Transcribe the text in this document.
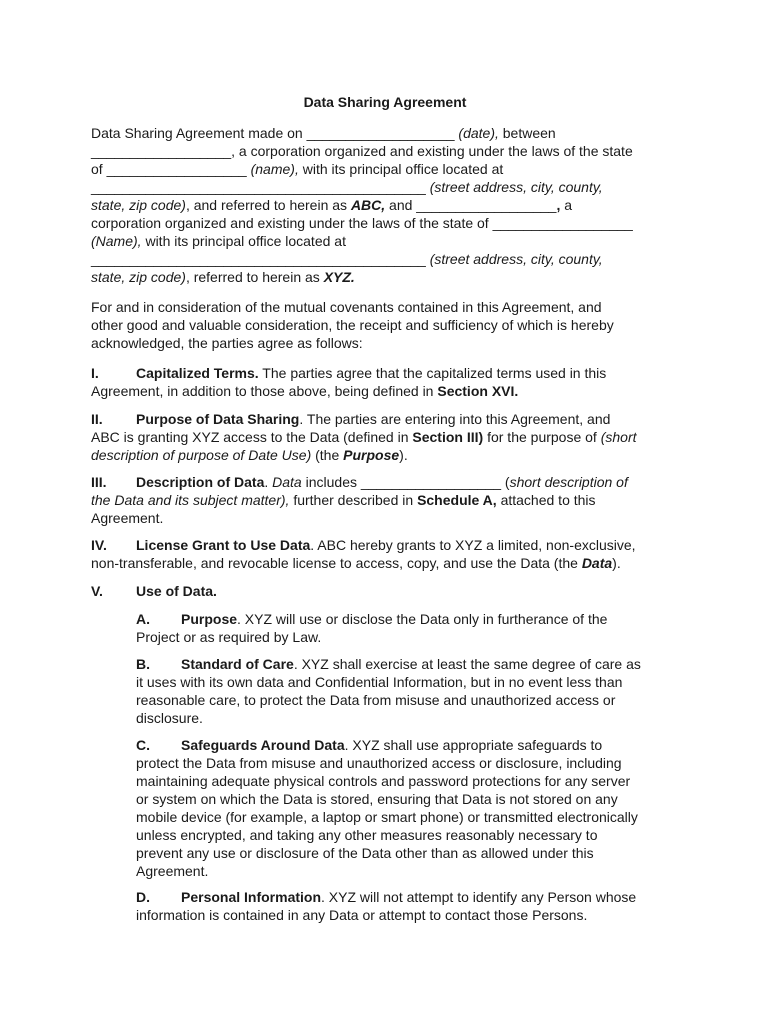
Data Sharing Agreement
Data Sharing Agreement made on ___________________ (date), between
__________________, a corporation organized and existing under the laws of the state
of __________________ (name), with its principal office located at
___________________________________________ (street address, city, county,
state, zip code), and referred to herein as ABC, and __________________, a
corporation organized and existing under the laws of the state of __________________
(Name), with its principal office located at
___________________________________________ (street address, city, county,
state, zip code), referred to herein as XYZ.
For and in consideration of the mutual covenants contained in this Agreement, and
other good and valuable consideration, the receipt and sufficiency of which is hereby
acknowledged, the parties agree as follows:
I.	Capitalized Terms. The parties agree that the capitalized terms used in this
Agreement, in addition to those above, being defined in Section XVI.
II. Purpose of Data Sharing. The parties are entering into this Agreement, and
ABC is granting XYZ access to the Data (defined in Section III) for the purpose of (short
description of purpose of Date Use) (the Purpose).
III. Description of Data. Data includes __________________ (short description of
the Data and its subject matter), further described in Schedule A, attached to this
Agreement.
IV. License Grant to Use Data. ABC hereby grants to XYZ a limited, non-exclusive,
non-transferable, and revocable license to access, copy, and use the Data (the Data).
V. Use of Data.
A. Purpose. XYZ will use or disclose the Data only in furtherance of the
Project or as required by Law.
B. Standard of Care. XYZ shall exercise at least the same degree of care as
it uses with its own data and Confidential Information, but in no event less than
reasonable care, to protect the Data from misuse and unauthorized access or
disclosure.
C. Safeguards Around Data. XYZ shall use appropriate safeguards to
protect the Data from misuse and unauthorized access or disclosure, including
maintaining adequate physical controls and password protections for any server
or system on which the Data is stored, ensuring that Data is not stored on any
mobile device (for example, a laptop or smart phone) or transmitted electronically
unless encrypted, and taking any other measures reasonably necessary to
prevent any use or disclosure of the Data other than as allowed under this
Agreement.
D. Personal Information. XYZ will not attempt to identify any Person whose
information is contained in any Data or attempt to contact those Persons.
